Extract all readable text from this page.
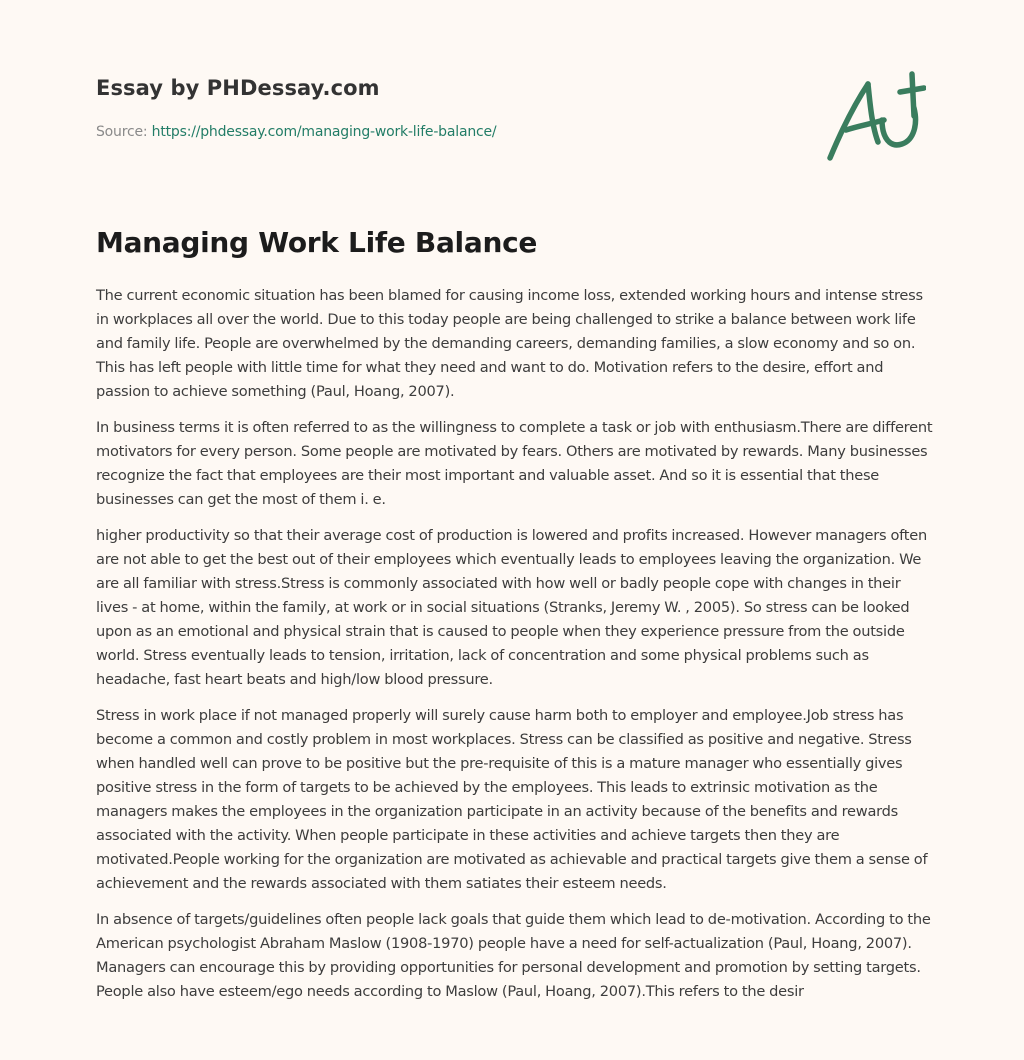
Essay by PHDessay.com
Source: https://phdessay.com/managing-work-life-balance/
Managing Work Life Balance

The current economic situation has been blamed for causing income loss, extended working hours and intense stress in workplaces all over the world. Due to this today people are being challenged to strike a balance between work life and family life. People are overwhelmed by the demanding careers, demanding families, a slow economy and so on. This has left people with little time for what they need and want to do. Motivation refers to the desire, effort and passion to achieve something (Paul, Hoang, 2007).

In business terms it is often referred to as the willingness to complete a task or job with enthusiasm.There are different motivators for every person. Some people are motivated by fears. Others are motivated by rewards. Many businesses recognize the fact that employees are their most important and valuable asset. And so it is essential that these businesses can get the most of them i. e.

higher productivity so that their average cost of production is lowered and profits increased. However managers often are not able to get the best out of their employees which eventually leads to employees leaving the organization. We are all familiar with stress.Stress is commonly associated with how well or badly people cope with changes in their lives - at home, within the family, at work or in social situations (Stranks, Jeremy W. , 2005). So stress can be looked upon as an emotional and physical strain that is caused to people when they experience pressure from the outside world. Stress eventually leads to tension, irritation, lack of concentration and some physical problems such as headache, fast heart beats and high/low blood pressure.

Stress in work place if not managed properly will surely cause harm both to employer and employee.Job stress has become a common and costly problem in most workplaces. Stress can be classified as positive and negative. Stress when handled well can prove to be positive but the pre-requisite of this is a mature manager who essentially gives positive stress in the form of targets to be achieved by the employees. This leads to extrinsic motivation as the managers makes the employees in the organization participate in an activity because of the benefits and rewards associated with the activity. When people participate in these activities and achieve targets then they are motivated.People working for the organization are motivated as achievable and practical targets give them a sense of achievement and the rewards associated with them satiates their esteem needs.

In absence of targets/guidelines often people lack goals that guide them which lead to de-motivation. According to the American psychologist Abraham Maslow (1908-1970) people have a need for self-actualization (Paul, Hoang, 2007). Managers can encourage this by providing opportunities for personal development and promotion by setting targets. People also have esteem/ego needs according to Maslow (Paul, Hoang, 2007).This refers to the desir
